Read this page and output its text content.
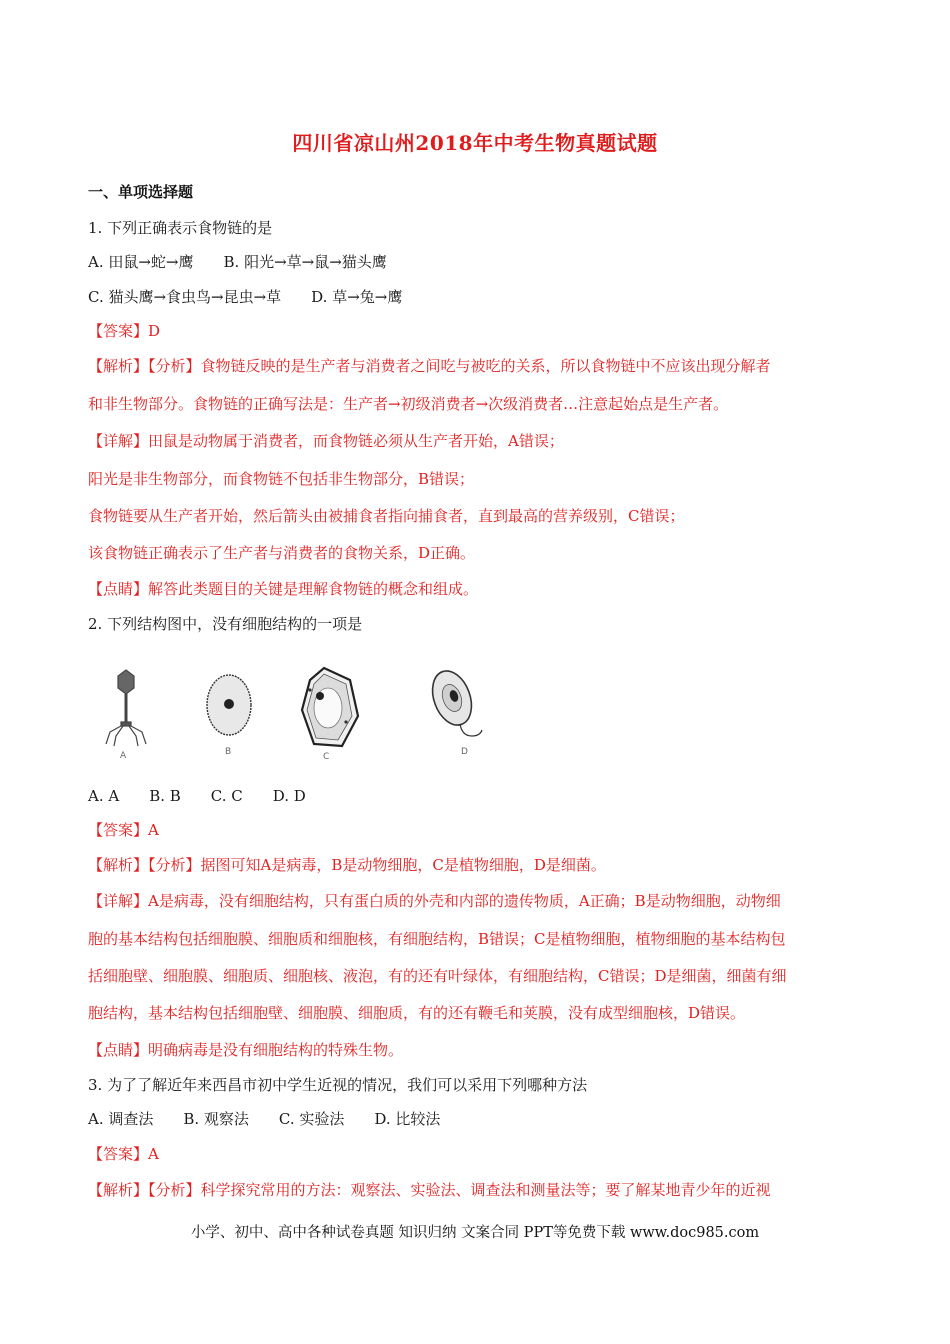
四川省凉山州2018年中考生物真题试题
一、单项选择题
1. 下列正确表示食物链的是
A. 田鼠→蛇→鹰　　B. 阳光→草→鼠→猫头鹰
C. 猫头鹰→食虫鸟→昆虫→草　　D. 草→兔→鹰
【答案】D
【解析】【分析】食物链反映的是生产者与消费者之间吃与被吃的关系，所以食物链中不应该出现分解者
和非生物部分。食物链的正确写法是：生产者→初级消费者→次级消费者…注意起始点是生产者。
【详解】田鼠是动物属于消费者，而食物链必须从生产者开始，A错误；
阳光是非生物部分，而食物链不包括非生物部分，B错误；
食物链要从生产者开始，然后箭头由被捕食者指向捕食者，直到最高的营养级别，C错误；
该食物链正确表示了生产者与消费者的食物关系，D正确。
【点睛】解答此类题目的关键是理解食物链的概念和组成。
2. 下列结构图中，没有细胞结构的一项是
A	B	C	D
A. A　　B. B　　C. C　　D. D
【答案】A
【解析】【分析】据图可知A是病毒，B是动物细胞，C是植物细胞，D是细菌。
【详解】A是病毒，没有细胞结构，只有蛋白质的外壳和内部的遗传物质，A正确；B是动物细胞，动物细
胞的基本结构包括细胞膜、细胞质和细胞核，有细胞结构，B错误；C是植物细胞，植物细胞的基本结构包
括细胞壁、细胞膜、细胞质、细胞核、液泡，有的还有叶绿体，有细胞结构，C错误；D是细菌，细菌有细
胞结构，基本结构包括细胞壁、细胞膜、细胞质，有的还有鞭毛和荚膜，没有成型细胞核，D错误。
【点睛】明确病毒是没有细胞结构的特殊生物。
3. 为了了解近年来西昌市初中学生近视的情况，我们可以采用下列哪种方法
A. 调查法　　B. 观察法　　C. 实验法　　D. 比较法
【答案】A
【解析】【分析】科学探究常用的方法：观察法、实验法、调查法和测量法等；要了解某地青少年的近视
小学、初中、高中各种试卷真题 知识归纳 文案合同 PPT等免费下载 www.doc985.com
